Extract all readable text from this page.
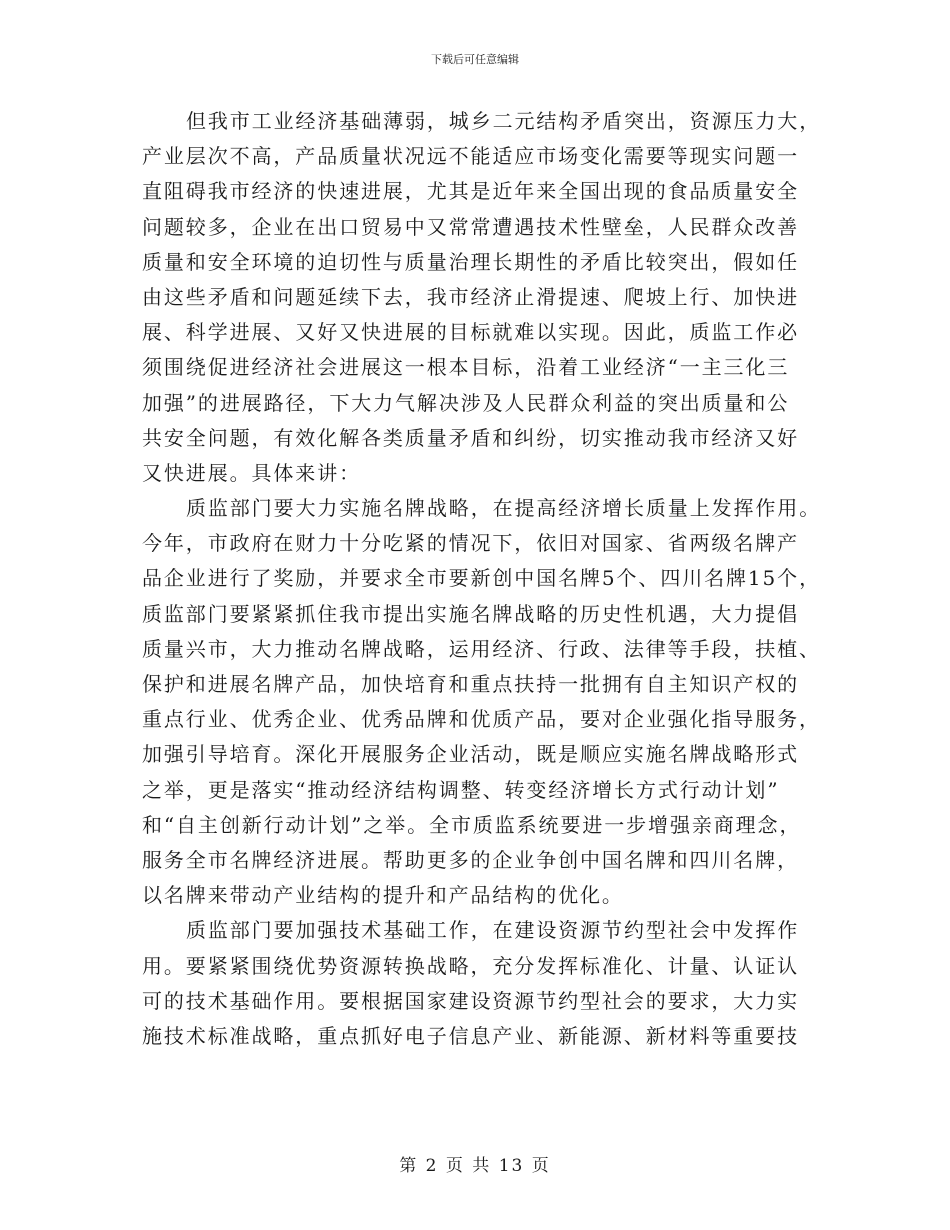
下载后可任意编辑
但我市工业经济基础薄弱，城乡二元结构矛盾突出，资源压力大，
产业层次不高，产品质量状况远不能适应市场变化需要等现实问题一
直阻碍我市经济的快速进展，尤其是近年来全国出现的食品质量安全
问题较多，企业在出口贸易中又常常遭遇技术性壁垒，人民群众改善
质量和安全环境的迫切性与质量治理长期性的矛盾比较突出，假如任
由这些矛盾和问题延续下去，我市经济止滑提速、爬坡上行、加快进
展、科学进展、又好又快进展的目标就难以实现。因此，质监工作必
须围绕促进经济社会进展这一根本目标，沿着工业经济“一主三化三
加强”的进展路径，下大力气解决涉及人民群众利益的突出质量和公
共安全问题，有效化解各类质量矛盾和纠纷，切实推动我市经济又好
又快进展。具体来讲：
质监部门要大力实施名牌战略，在提高经济增长质量上发挥作用。
今年，市政府在财力十分吃紧的情况下，依旧对国家、省两级名牌产
品企业进行了奖励，并要求全市要新创中国名牌5个、四川名牌15个，
质监部门要紧紧抓住我市提出实施名牌战略的历史性机遇，大力提倡
质量兴市，大力推动名牌战略，运用经济、行政、法律等手段，扶植、
保护和进展名牌产品，加快培育和重点扶持一批拥有自主知识产权的
重点行业、优秀企业、优秀品牌和优质产品，要对企业强化指导服务，
加强引导培育。深化开展服务企业活动，既是顺应实施名牌战略形式
之举，更是落实“推动经济结构调整、转变经济增长方式行动计划”
和“自主创新行动计划”之举。全市质监系统要进一步增强亲商理念，
服务全市名牌经济进展。帮助更多的企业争创中国名牌和四川名牌，
以名牌来带动产业结构的提升和产品结构的优化。
质监部门要加强技术基础工作，在建设资源节约型社会中发挥作
用。要紧紧围绕优势资源转换战略，充分发挥标准化、计量、认证认
可的技术基础作用。要根据国家建设资源节约型社会的要求，大力实
施技术标准战略，重点抓好电子信息产业、新能源、新材料等重要技
第 2 页 共 13 页
